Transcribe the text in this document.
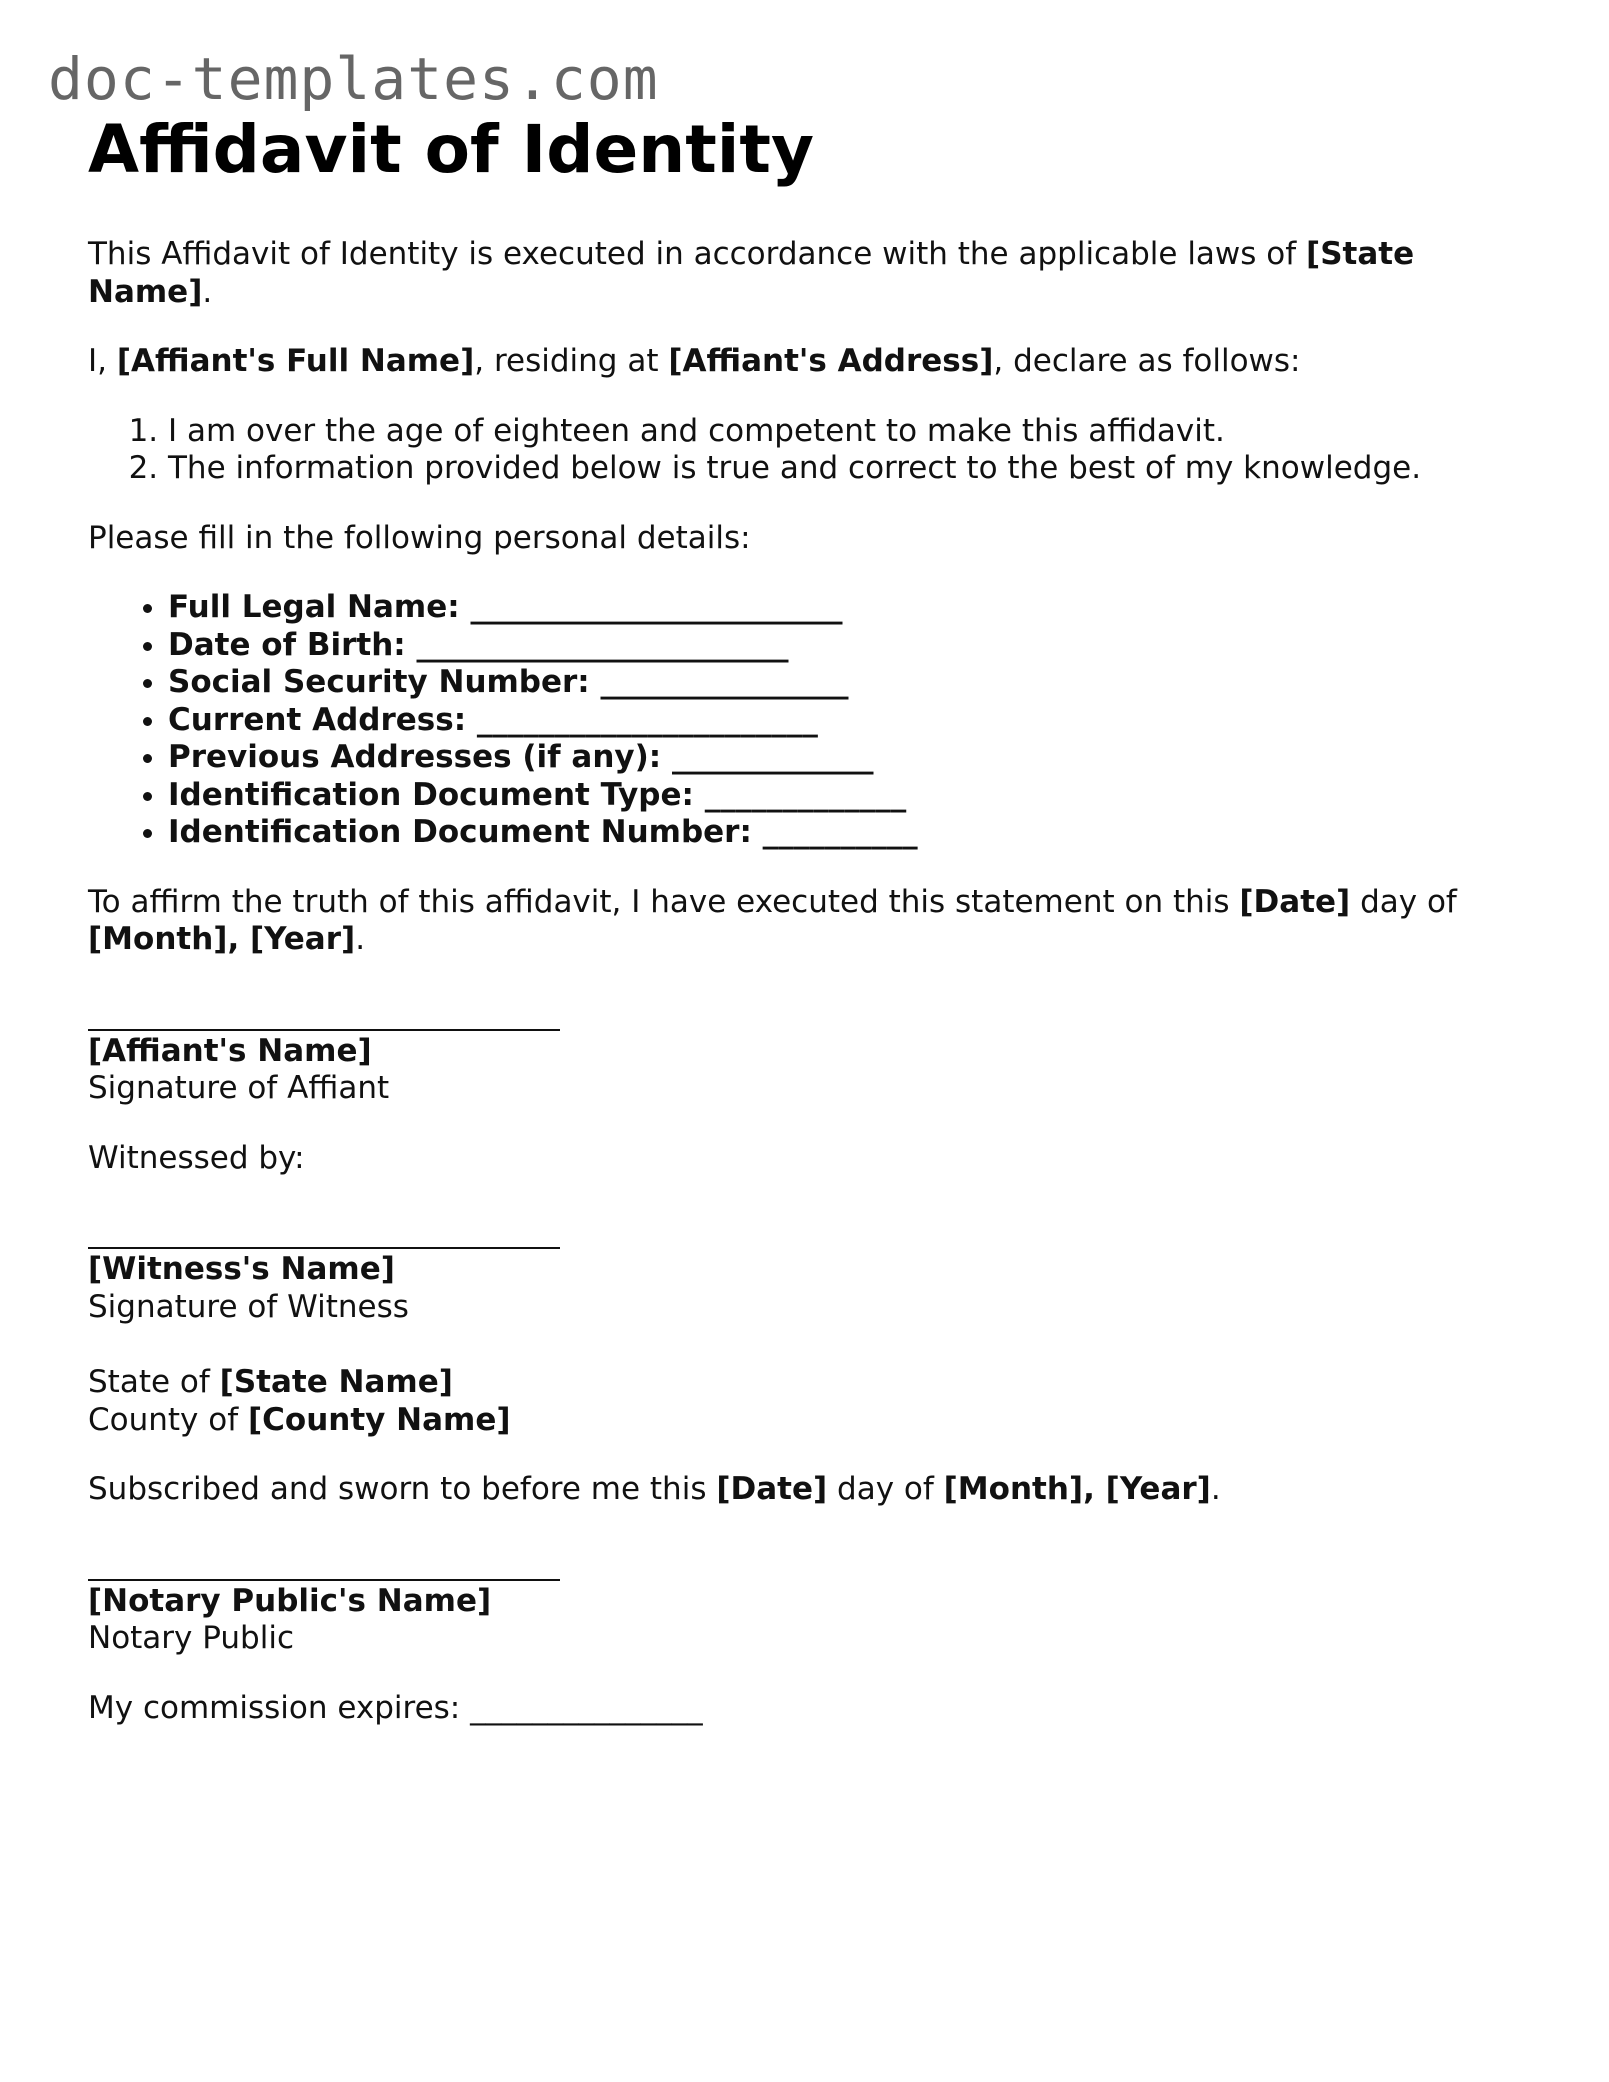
doc-templates.com
Affidavit of Identity

This Affidavit of Identity is executed in accordance with the applicable laws of [State Name].

I, [Affiant's Full Name], residing at [Affiant's Address], declare as follows:

1. I am over the age of eighteen and competent to make this affidavit.
2. The information provided below is true and correct to the best of my knowledge.

Please fill in the following personal details:

• Full Legal Name: ________________________
• Date of Birth: ________________________
• Social Security Number: ________________
• Current Address: ______________________
• Previous Addresses (if any): _____________
• Identification Document Type: _____________
• Identification Document Number: __________

To affirm the truth of this affidavit, I have executed this statement on this [Date] day of [Month], [Year].

[Affiant's Name]

Signature of Affiant

Witnessed by:

[Witness's Name]

Signature of Witness

State of [State Name]

County of [County Name]

Subscribed and sworn to before me this [Date] day of [Month], [Year].

[Notary Public's Name]

Notary Public

My commission expires: _______________
